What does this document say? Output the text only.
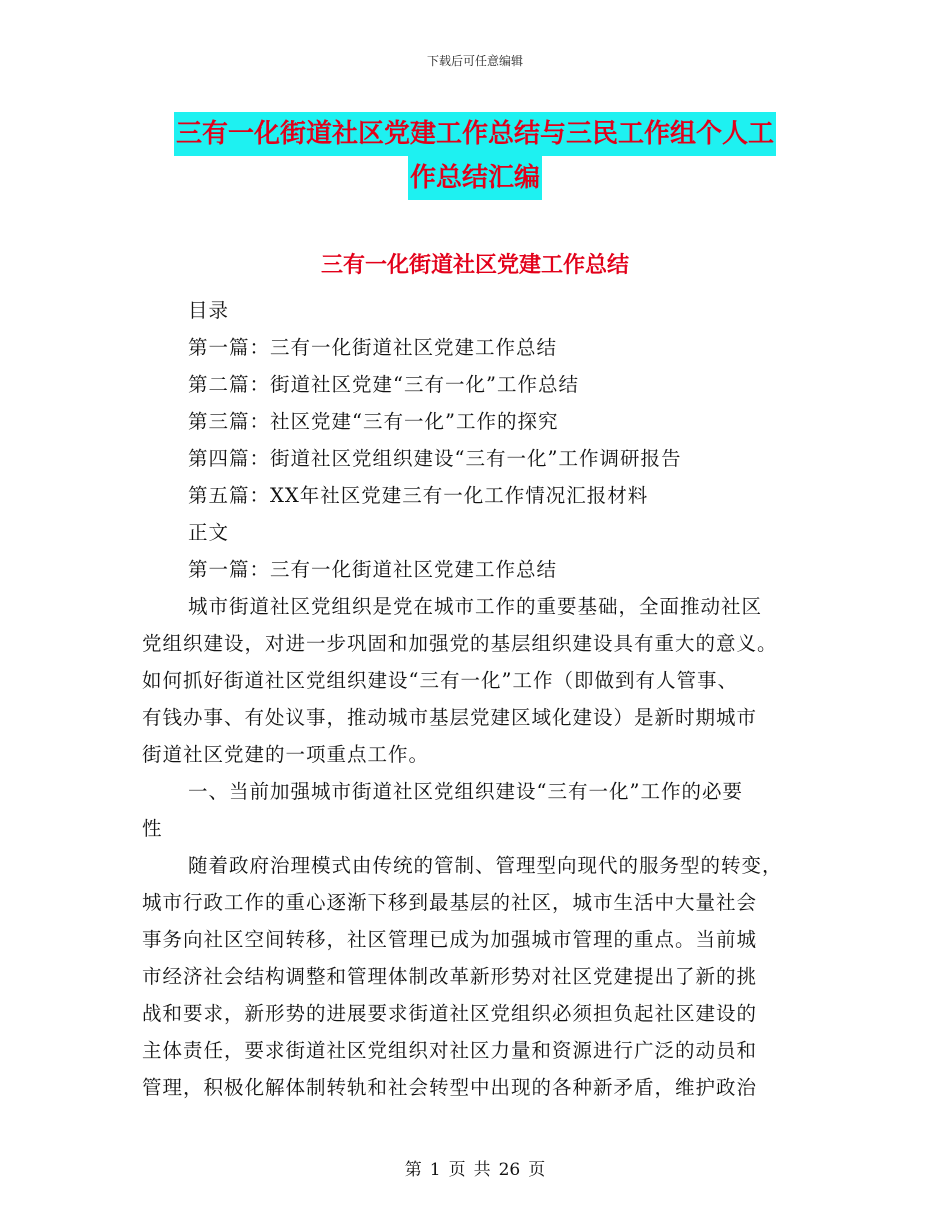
下载后可任意编辑
三有一化街道社区党建工作总结与三民工作组个人工
作总结汇编
三有一化街道社区党建工作总结
目录
第一篇：三有一化街道社区党建工作总结
第二篇：街道社区党建“三有一化”工作总结
第三篇：社区党建“三有一化”工作的探究
第四篇：街道社区党组织建设“三有一化”工作调研报告
第五篇：XX年社区党建三有一化工作情况汇报材料
正文
第一篇：三有一化街道社区党建工作总结
城市街道社区党组织是党在城市工作的重要基础，全面推动社区
党组织建设，对进一步巩固和加强党的基层组织建设具有重大的意义。
如何抓好街道社区党组织建设“三有一化”工作（即做到有人管事、
有钱办事、有处议事，推动城市基层党建区域化建设）是新时期城市
街道社区党建的一项重点工作。
一、当前加强城市街道社区党组织建设“三有一化”工作的必要
性
随着政府治理模式由传统的管制、管理型向现代的服务型的转变，
城市行政工作的重心逐渐下移到最基层的社区，城市生活中大量社会
事务向社区空间转移，社区管理已成为加强城市管理的重点。当前城
市经济社会结构调整和管理体制改革新形势对社区党建提出了新的挑
战和要求，新形势的进展要求街道社区党组织必须担负起社区建设的
主体责任，要求街道社区党组织对社区力量和资源进行广泛的动员和
管理，积极化解体制转轨和社会转型中出现的各种新矛盾，维护政治
第 1 页 共 26 页
